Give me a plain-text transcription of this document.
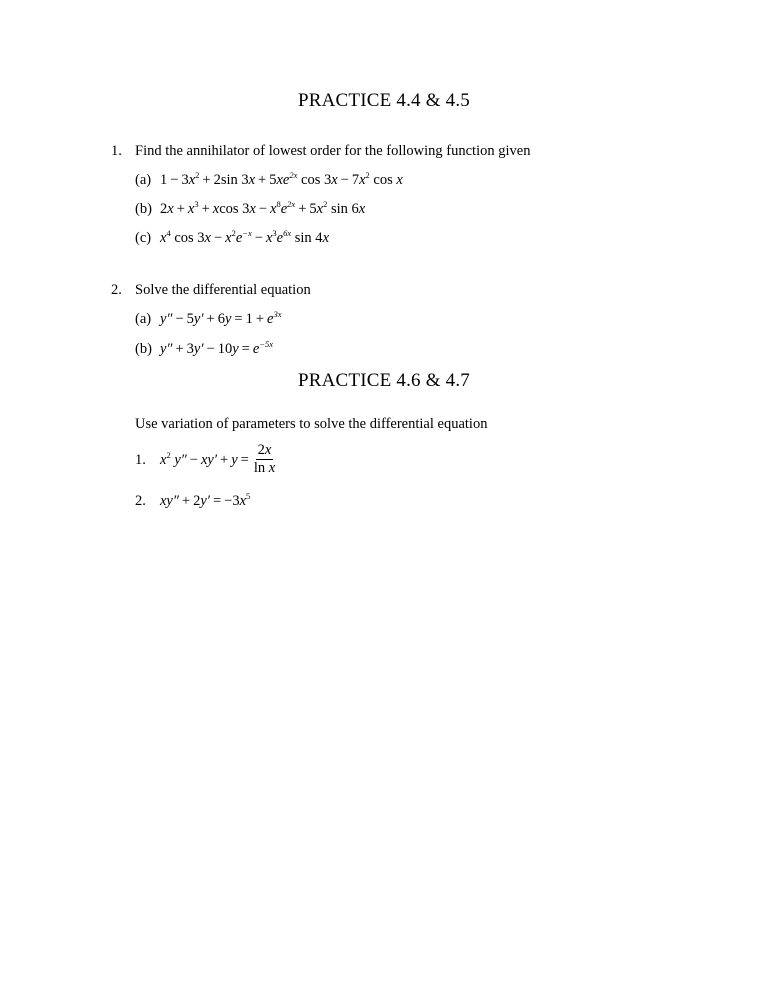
PRACTICE 4.4 & 4.5
1. Find the annihilator of lowest order for the following function given
(a) $1 - 3x^2 + 2\sin$ $3x + 5xe^{2x}$ $\cos 3x - 7x^2$ cos x
(b) $2x + x^3 + xcos$ $3x - x^8e^{2x} + 5x^2$ sin 6x
(c) $x^4$ $\cos 3x - x^2e^{-x} - x^3e^{6x}$ sin 4x
2. Solve the differential equation
(a) $y'' - 5y' + 6y = 1 + e^{3x}$
(b) $y'' + 3y' - 10y = e^{-5x}$
PRACTICE 4.6 & 4.7
Use variation of parameters to solve the differential equation
1. $x^2$ $y'' - xy' + y = \frac{2x}{\text{ln x}}$
2. $xy'' + 2y' = -3x^5$
